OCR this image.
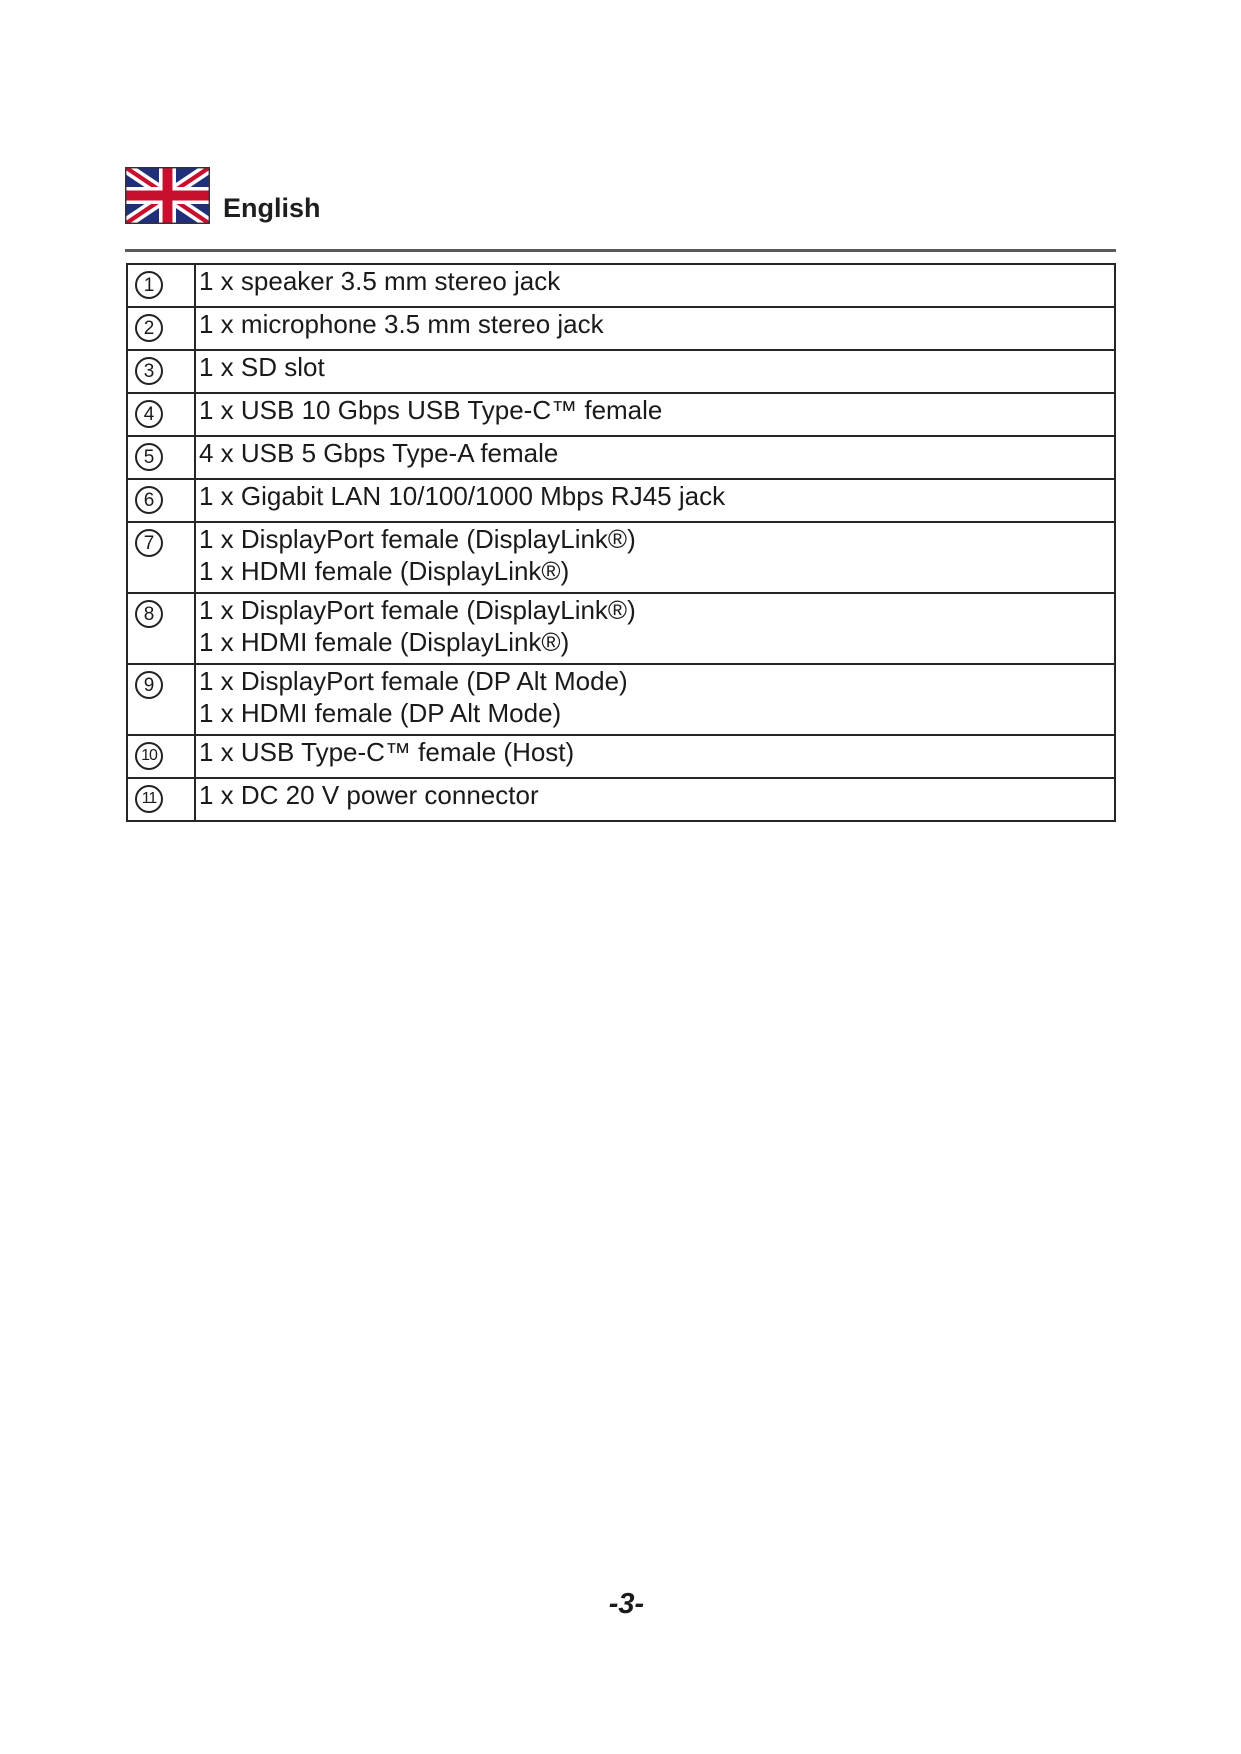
English
1	1 x speaker 3.5 mm stereo jack

2	1 x microphone 3.5 mm stereo jack

3	1 x SD slot

4	1 x USB 10 Gbps USB Type-C™ female

5	4 x USB 5 Gbps Type-A female

6	1 x Gigabit LAN 10/100/1000 Mbps RJ45 jack

7	1 x DisplayPort female (DisplayLink®)
1 x HDMI female (DisplayLink®)

8	1 x DisplayPort female (DisplayLink®)
1 x HDMI female (DisplayLink®)

9	1 x DisplayPort female (DP Alt Mode)
1 x HDMI female (DP Alt Mode)

10	1 x USB Type-C™ female (Host)

11	1 x DC 20 V power connector
-3-
